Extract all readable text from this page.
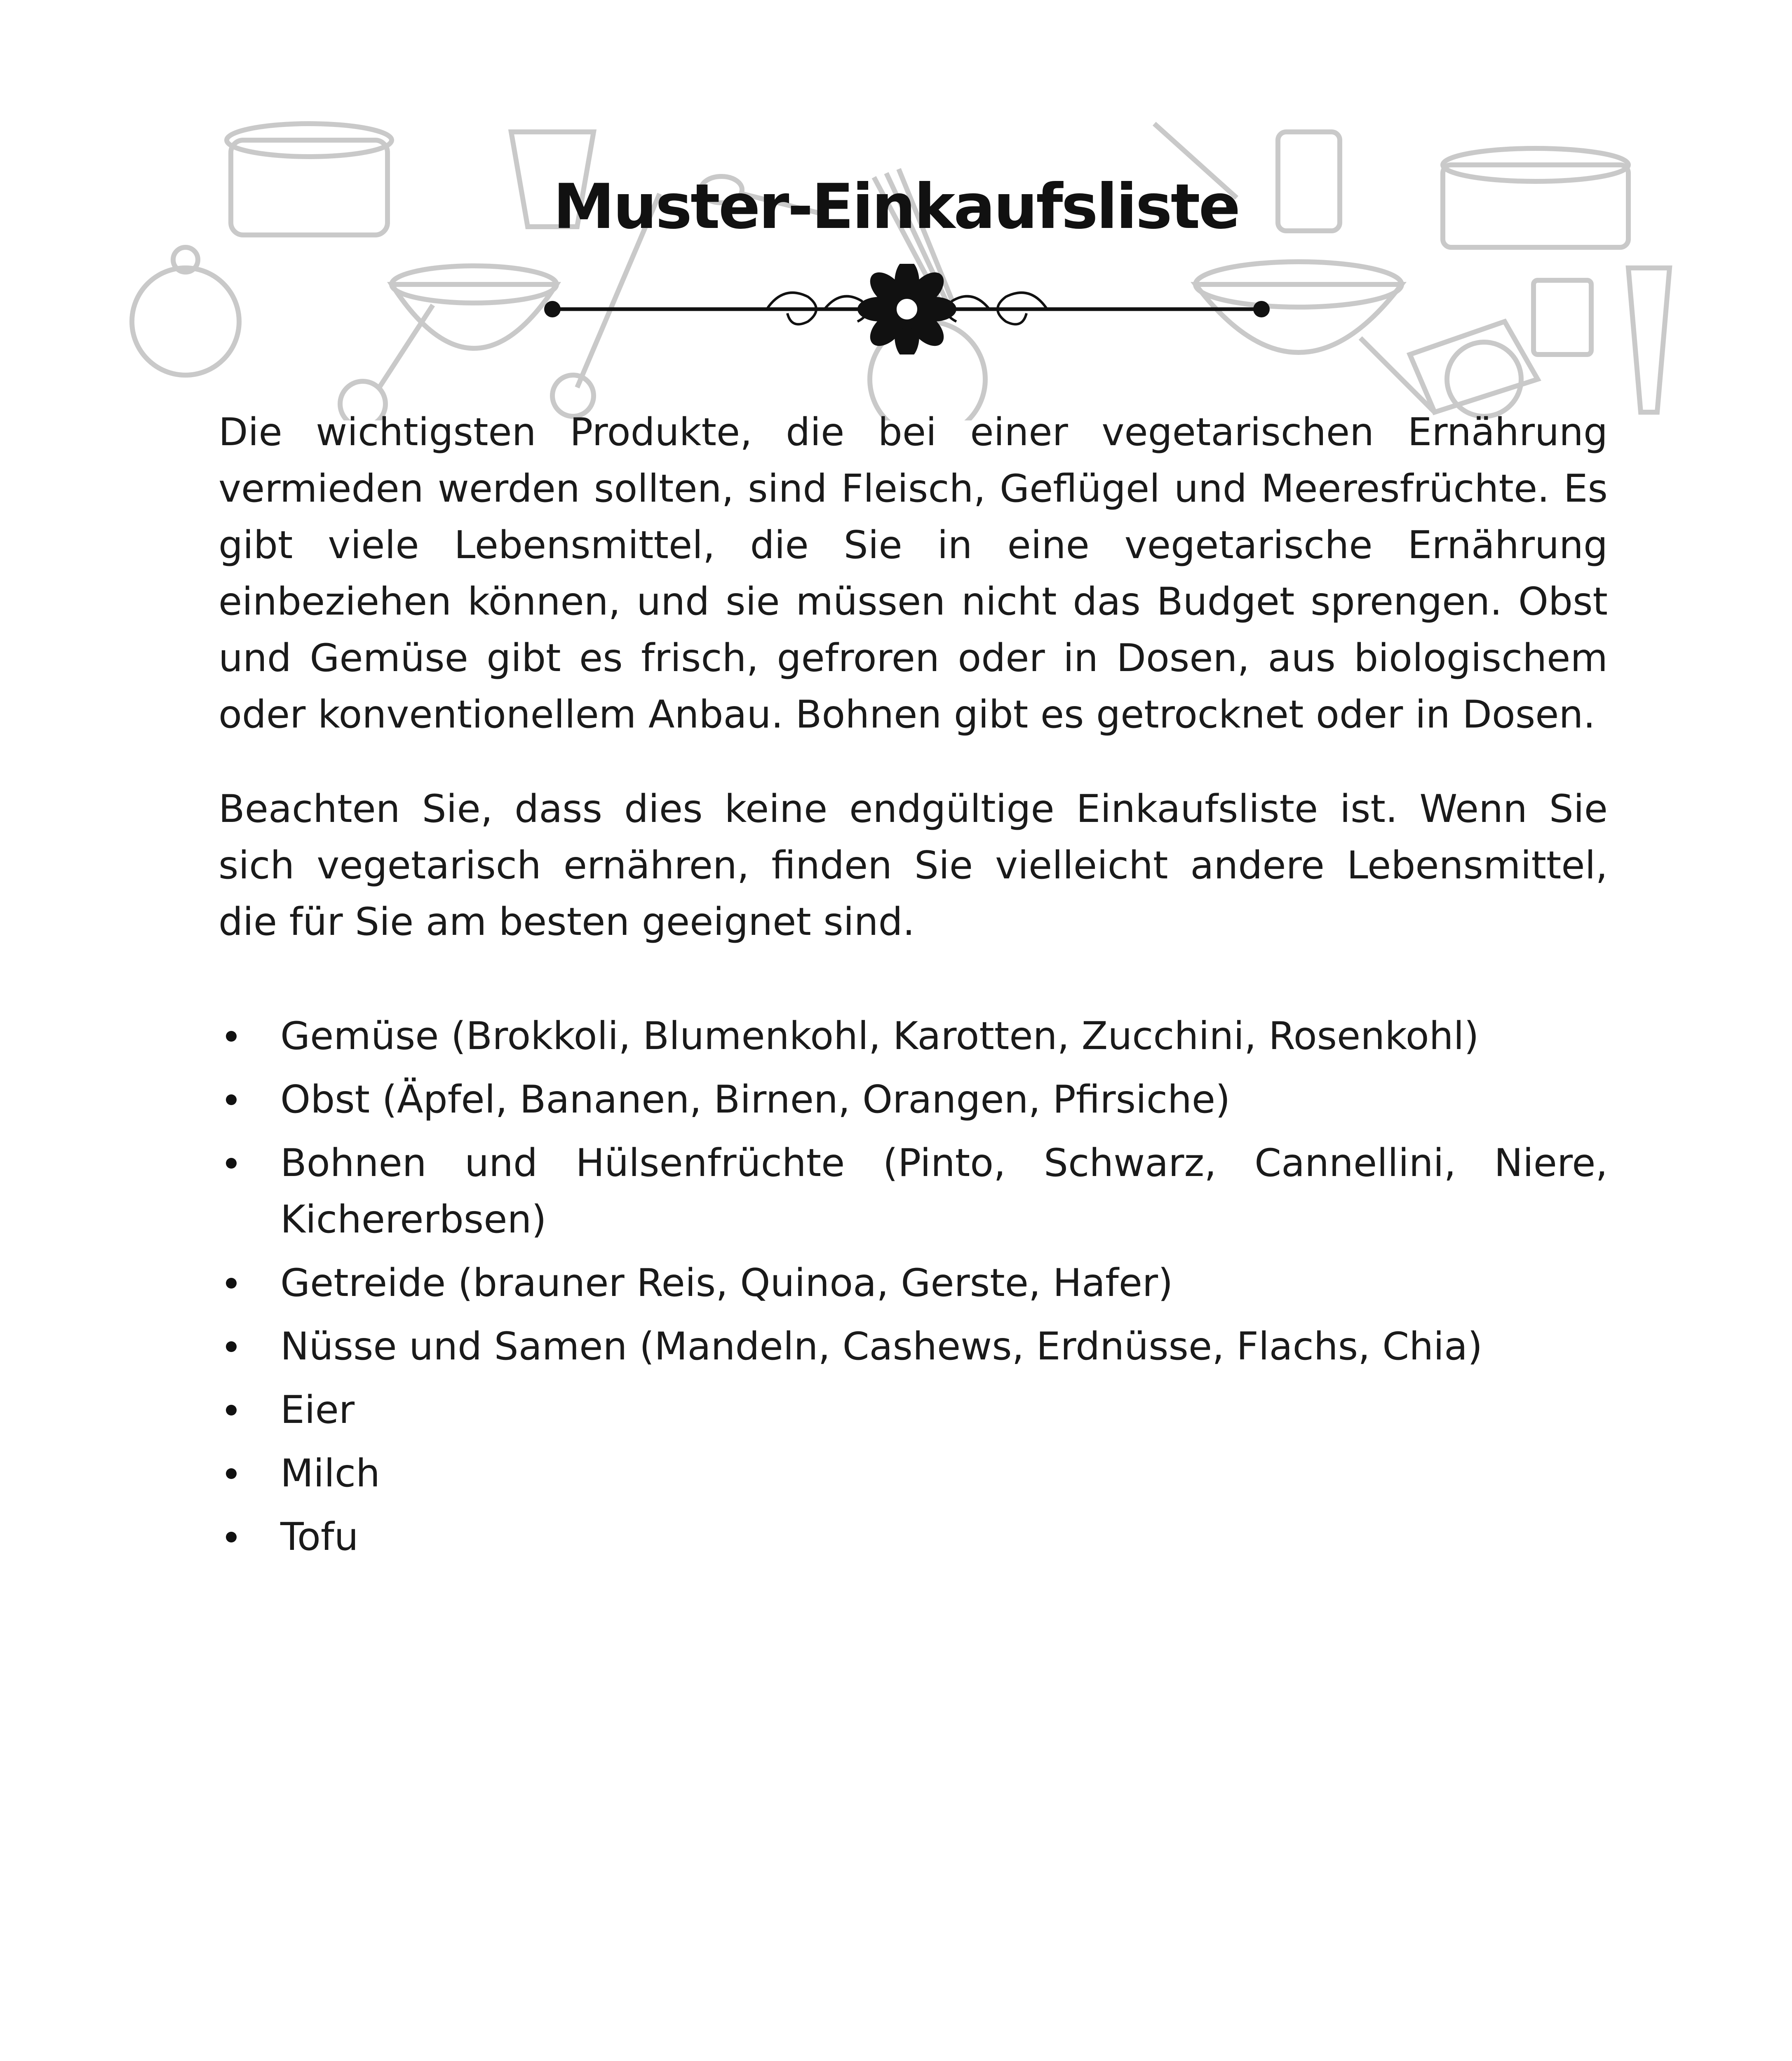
Muster-Einkaufsliste

Die wichtigsten Produkte, die bei einer vegetarischen Ernährung vermieden werden sollten, sind Fleisch, Geflügel und Meeresfrüchte. Es gibt viele Lebensmittel, die Sie in eine vegetarische Ernährung einbeziehen können, und sie müssen nicht das Budget sprengen. Obst und Gemüse gibt es frisch, gefroren oder in Dosen, aus biologischem oder konventionellem Anbau. Bohnen gibt es getrocknet oder in Dosen.

Beachten Sie, dass dies keine endgültige Einkaufsliste ist. Wenn Sie sich vegetarisch ernähren, finden Sie vielleicht andere Lebensmittel, die für Sie am besten geeignet sind.

Gemüse (Brokkoli, Blumenkohl, Karotten, Zucchini, Rosenkohl)
Obst (Äpfel, Bananen, Birnen, Orangen, Pfirsiche)
Bohnen und Hülsenfrüchte (Pinto, Schwarz, Cannellini, Niere, Kichererbsen)
Getreide (brauner Reis, Quinoa, Gerste, Hafer)
Nüsse und Samen (Mandeln, Cashews, Erdnüsse, Flachs, Chia)
Eier
Milch
Tofu
